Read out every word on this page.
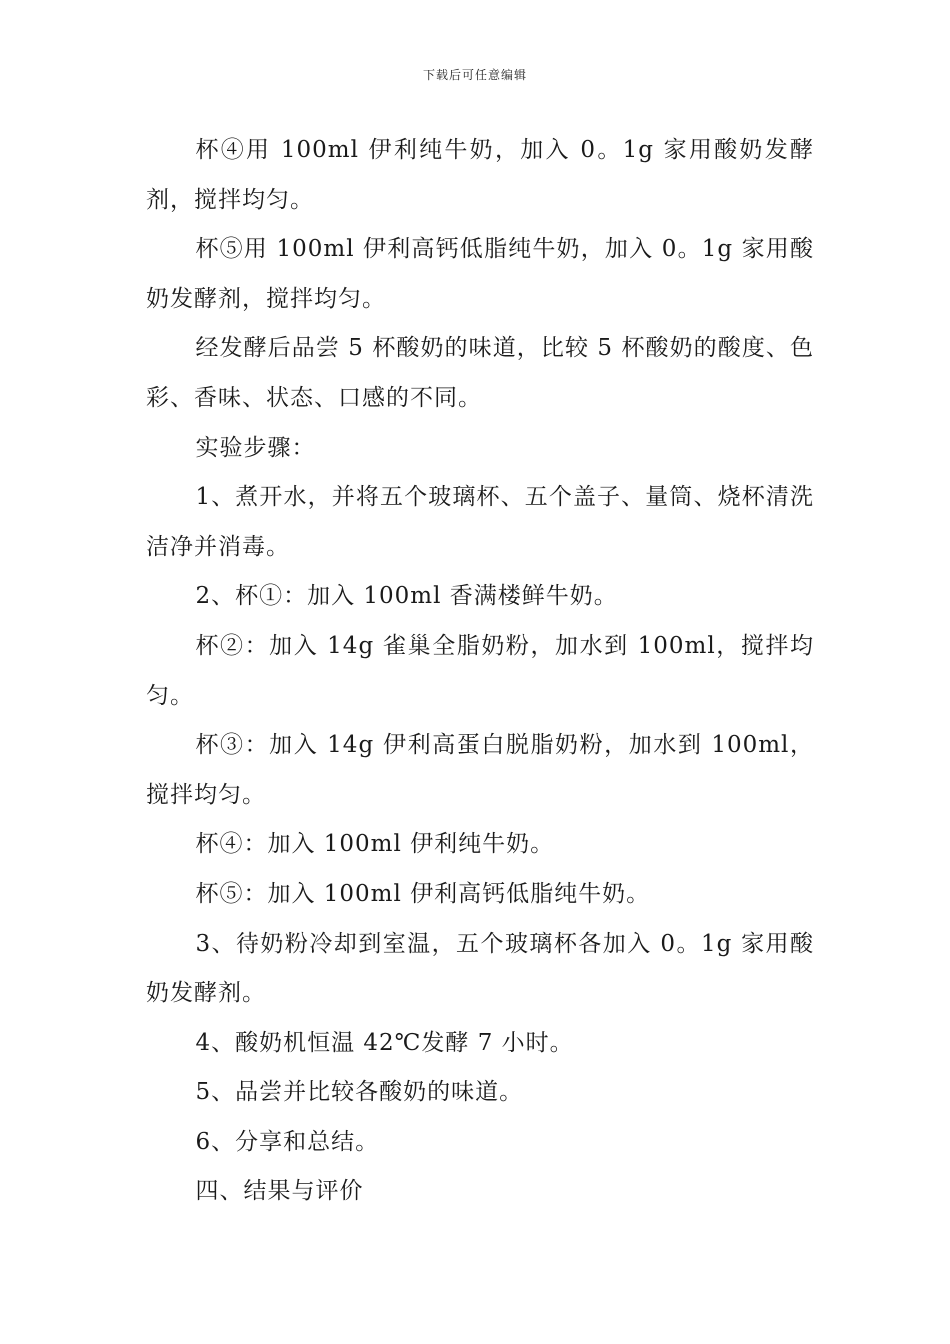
下载后可任意编辑

杯④用 100ml 伊利纯牛奶，加入 0。1g 家用酸奶发酵剂，搅拌均匀。

杯⑤用 100ml 伊利高钙低脂纯牛奶，加入 0。1g 家用酸奶发酵剂，搅拌均匀。

经发酵后品尝 5 杯酸奶的味道，比较 5 杯酸奶的酸度、色彩、香味、状态、口感的不同。

实验步骤：

1、煮开水，并将五个玻璃杯、五个盖子、量筒、烧杯清洗洁净并消毒。

2、杯①：加入 100ml 香满楼鲜牛奶。

杯②：加入 14g 雀巢全脂奶粉，加水到 100ml，搅拌均匀。

杯③：加入 14g 伊利高蛋白脱脂奶粉，加水到 100ml，搅拌均匀。

杯④：加入 100ml 伊利纯牛奶。

杯⑤：加入 100ml 伊利高钙低脂纯牛奶。

3、待奶粉冷却到室温，五个玻璃杯各加入 0。1g 家用酸奶发酵剂。

4、酸奶机恒温 42℃发酵 7 小时。

5、品尝并比较各酸奶的味道。

6、分享和总结。

四、结果与评价
